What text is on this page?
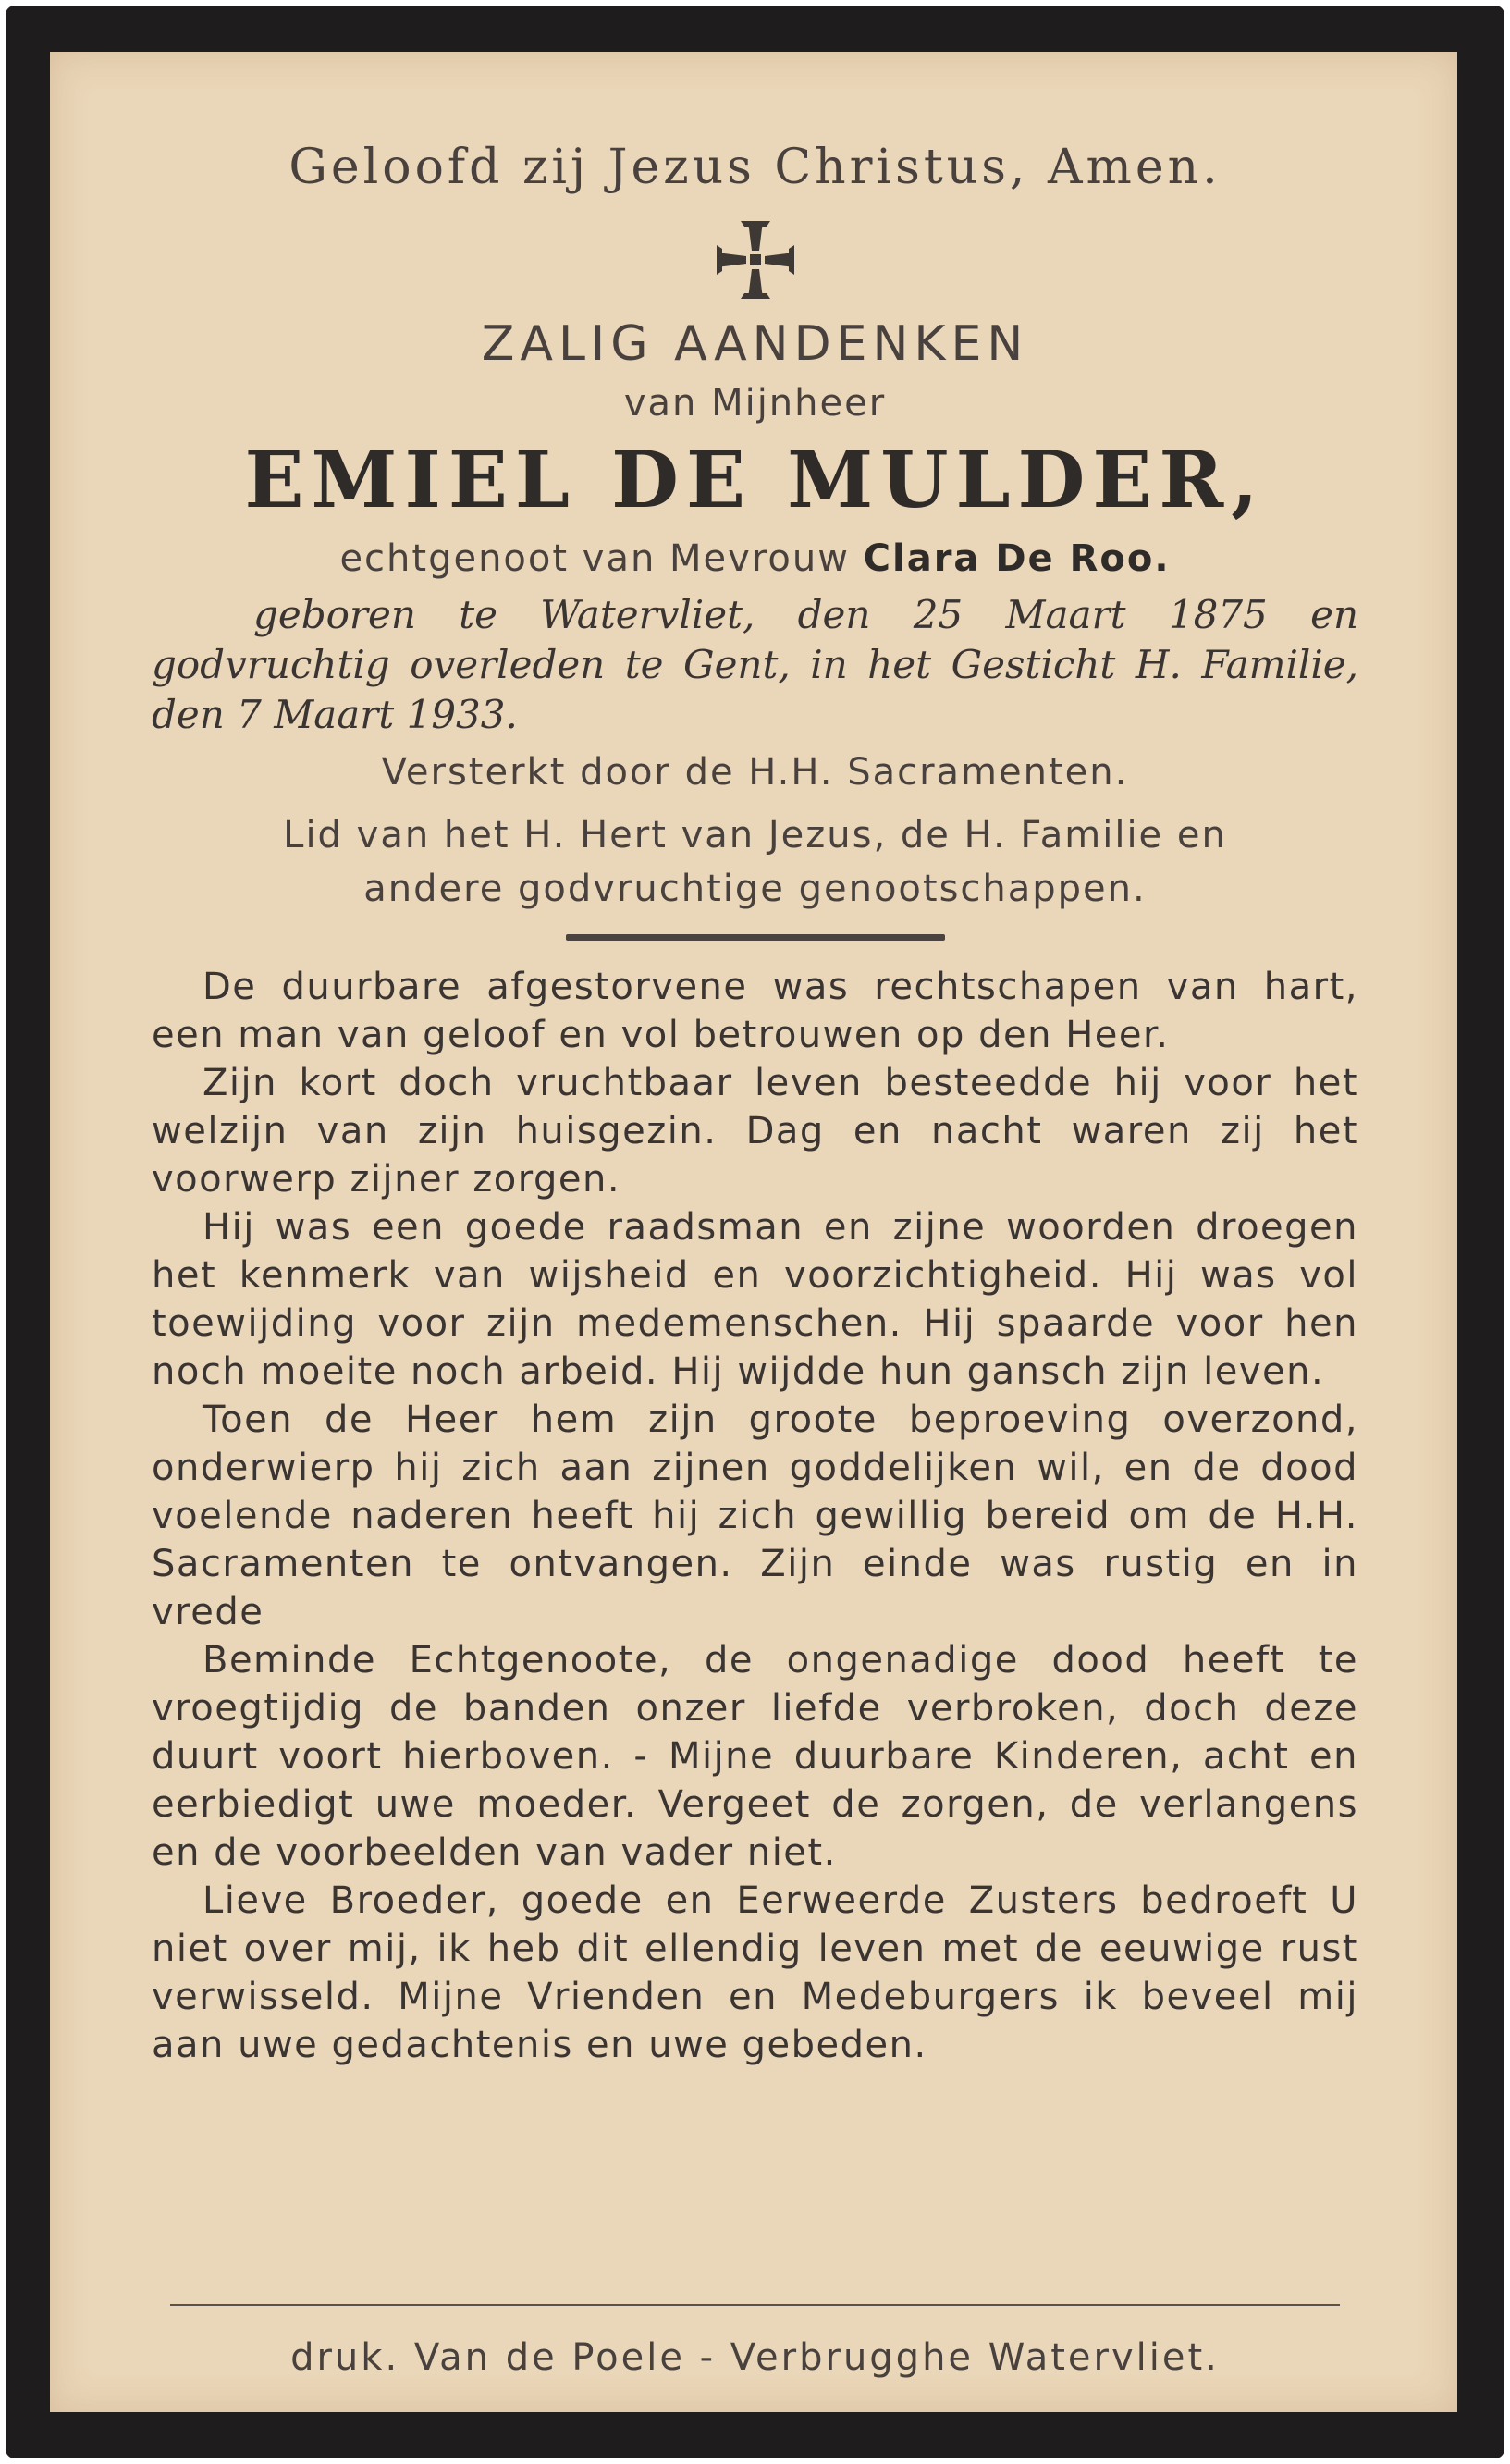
Geloofd zij Jezus Christus, Amen.
ZALIG AANDENKEN
van Mijnheer
EMIEL DE MULDER,
echtgenoot van Mevrouw Clara De Roo.
geboren te Watervliet, den 25 Maart 1875 en godvruchtig overleden te Gent, in het Gesticht H. Familie, den 7 Maart 1933.
Versterkt door de H.H. Sacramenten.
Lid van het H. Hert van Jezus, de H. Familie en
andere godvruchtige genootschappen.

De duurbare afgestorvene was rechtschapen van hart, een man van geloof en vol betrouwen op den Heer.

Zijn kort doch vruchtbaar leven besteedde hij voor het welzijn van zijn huisgezin. Dag en nacht waren zij het voorwerp zijner zorgen.

Hij was een goede raadsman en zijne woorden droegen het kenmerk van wijsheid en voorzichtigheid. Hij was vol toewijding voor zijn medemenschen. Hij spaarde voor hen noch moeite noch arbeid. Hij wijdde hun gansch zijn leven.

Toen de Heer hem zijn groote beproeving overzond, onderwierp hij zich aan zijnen goddelijken wil, en de dood voelende naderen heeft hij zich gewillig bereid om de H.H. Sacramenten te ontvangen. Zijn einde was rustig en in vrede

Beminde Echtgenoote, de ongenadige dood heeft te vroegtijdig de banden onzer liefde verbroken, doch deze duurt voort hierboven. - Mijne duurbare Kinderen, acht en eerbiedigt uwe moeder. Vergeet de zorgen, de verlangens en de voorbeelden van vader niet.

Lieve Broeder, goede en Eerweerde Zusters bedroeft U niet over mij, ik heb dit ellendig leven met de eeuwige rust verwisseld. Mijne Vrienden en Medeburgers ik beveel mij aan uwe gedachtenis en uwe gebeden.

druk. Van de Poele - Verbrugghe Watervliet.
